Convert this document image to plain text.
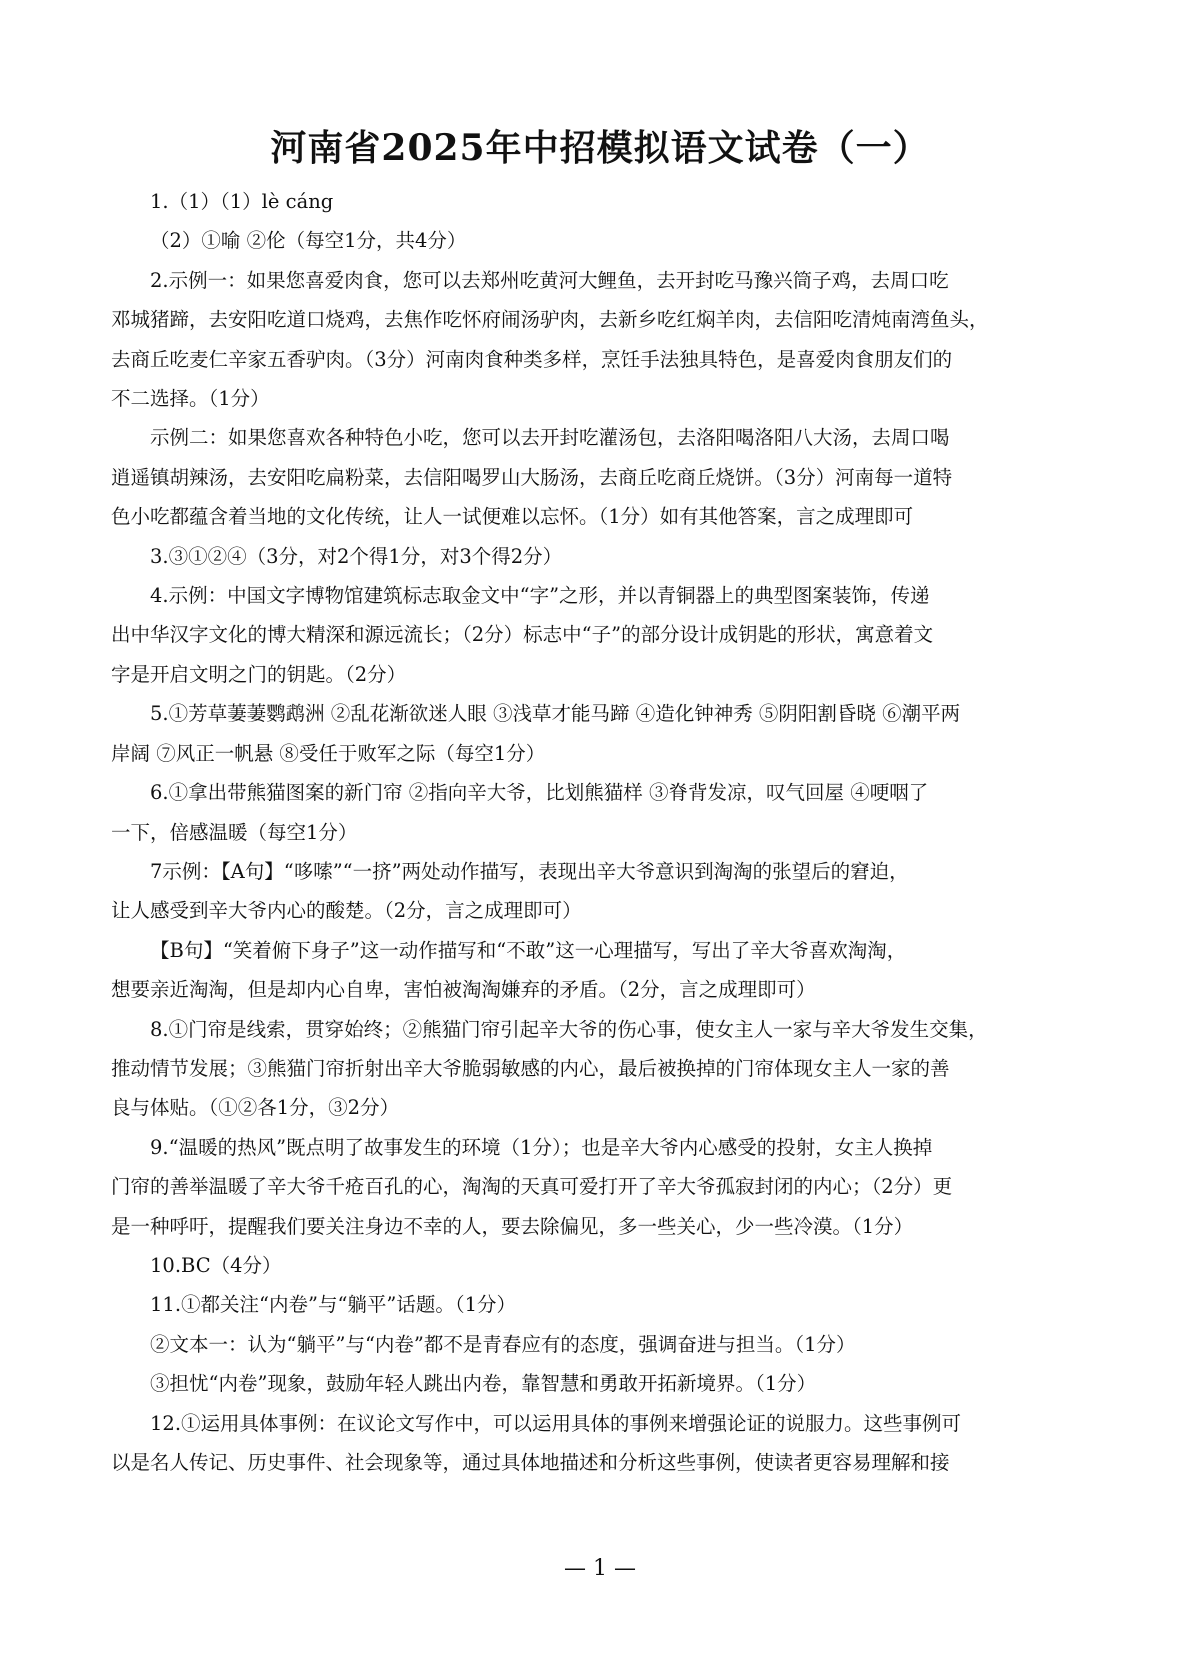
河南省2025年中招模拟语文试卷（一）
1.（1）（1）lè cáng
（2）①喻 ②伦（每空1分，共4分）
2.示例一：如果您喜爱肉食，您可以去郑州吃黄河大鲤鱼，去开封吃马豫兴筒子鸡，去周口吃
邓城猪蹄，去安阳吃道口烧鸡，去焦作吃怀府闹汤驴肉，去新乡吃红焖羊肉，去信阳吃清炖南湾鱼头，
去商丘吃麦仁辛家五香驴肉。（3分）河南肉食种类多样，烹饪手法独具特色，是喜爱肉食朋友们的
不二选择。（1分）
示例二：如果您喜欢各种特色小吃，您可以去开封吃灌汤包，去洛阳喝洛阳八大汤，去周口喝
逍遥镇胡辣汤，去安阳吃扁粉菜，去信阳喝罗山大肠汤，去商丘吃商丘烧饼。（3分）河南每一道特
色小吃都蕴含着当地的文化传统，让人一试便难以忘怀。（1分）如有其他答案，言之成理即可
3.③①②④（3分，对2个得1分，对3个得2分）
4.示例：中国文字博物馆建筑标志取金文中“字”之形，并以青铜器上的典型图案装饰，传递
出中华汉字文化的博大精深和源远流长；（2分）标志中“子”的部分设计成钥匙的形状，寓意着文
字是开启文明之门的钥匙。（2分）
5.①芳草萋萋鹦鹉洲 ②乱花渐欲迷人眼 ③浅草才能马蹄 ④造化钟神秀 ⑤阴阳割昏晓 ⑥潮平两
岸阔 ⑦风正一帆悬 ⑧受任于败军之际（每空1分）
6.①拿出带熊猫图案的新门帘 ②指向辛大爷，比划熊猫样 ③脊背发凉，叹气回屋 ④哽咽了
一下，倍感温暖（每空1分）
7示例：【A句】“哆嗦”“一挤”两处动作描写，表现出辛大爷意识到淘淘的张望后的窘迫，
让人感受到辛大爷内心的酸楚。（2分，言之成理即可）
【B句】“笑着俯下身子”这一动作描写和“不敢”这一心理描写，写出了辛大爷喜欢淘淘，
想要亲近淘淘，但是却内心自卑，害怕被淘淘嫌弃的矛盾。（2分，言之成理即可）
8.①门帘是线索，贯穿始终；②熊猫门帘引起辛大爷的伤心事，使女主人一家与辛大爷发生交集，
推动情节发展；③熊猫门帘折射出辛大爷脆弱敏感的内心，最后被换掉的门帘体现女主人一家的善
良与体贴。（①②各1分，③2分）
9.“温暖的热风”既点明了故事发生的环境（1分）；也是辛大爷内心感受的投射，女主人换掉
门帘的善举温暖了辛大爷千疮百孔的心，淘淘的天真可爱打开了辛大爷孤寂封闭的内心；（2分）更
是一种呼吁，提醒我们要关注身边不幸的人，要去除偏见，多一些关心，少一些冷漠。（1分）
10.BC（4分）
11.①都关注“内卷”与“躺平”话题。（1分）
②文本一：认为“躺平”与“内卷”都不是青春应有的态度，强调奋进与担当。（1分）
③担忧“内卷”现象，鼓励年轻人跳出内卷，靠智慧和勇敢开拓新境界。（1分）
12.①运用具体事例：在议论文写作中，可以运用具体的事例来增强论证的说服力。这些事例可
以是名人传记、历史事件、社会现象等，通过具体地描述和分析这些事例，使读者更容易理解和接
— 1 —
